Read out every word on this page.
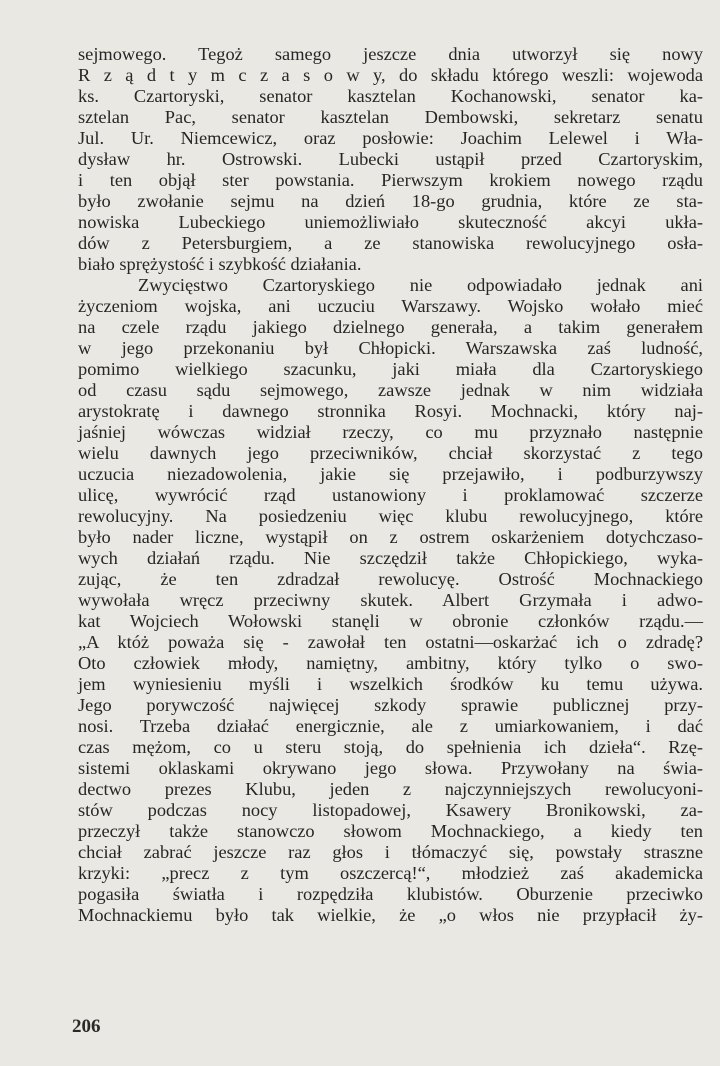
sejmowego. Tegoż samego jeszcze dnia utworzył się nowy
R z ą d t y m c z a s o w y, do składu którego weszli: wojewoda
ks. Czartoryski, senator kasztelan Kochanowski, senator ka-
sztelan Pac, senator kasztelan Dembowski, sekretarz senatu
Jul. Ur. Niemcewicz, oraz posłowie: Joachim Lelewel i Wła-
dysław hr. Ostrowski. Lubecki ustąpił przed Czartoryskim,
i ten objął ster powstania. Pierwszym krokiem nowego rządu
było zwołanie sejmu na dzień 18-go grudnia, które ze sta-
nowiska Lubeckiego uniemożliwiało skuteczność akcyi ukła-
dów z Petersburgiem, a ze stanowiska rewolucyjnego osła-
biało sprężystość i szybkość działania.
Zwycięstwo Czartoryskiego nie odpowiadało jednak ani
życzeniom wojska, ani uczuciu Warszawy. Wojsko wołało mieć
na czele rządu jakiego dzielnego generała, a takim generałem
w jego przekonaniu był Chłopicki. Warszawska zaś ludność,
pomimo wielkiego szacunku, jaki miała dla Czartoryskiego
od czasu sądu sejmowego, zawsze jednak w nim widziała
arystokratę i dawnego stronnika Rosyi. Mochnacki, który naj-
jaśniej wówczas widział rzeczy, co mu przyznało następnie
wielu dawnych jego przeciwników, chciał skorzystać z tego
uczucia niezadowolenia, jakie się przejawiło, i podburzywszy
ulicę, wywrócić rząd ustanowiony i proklamować szczerze
rewolucyjny. Na posiedzeniu więc klubu rewolucyjnego, które
było nader liczne, wystąpił on z ostrem oskarżeniem dotychczaso-
wych działań rządu. Nie szczędził także Chłopickiego, wyka-
zując, że ten zdradzał rewolucyę. Ostrość Mochnackiego
wywołała wręcz przeciwny skutek. Albert Grzymała i adwo-
kat Wojciech Wołowski stanęli w obronie członków rządu.—
„A któż poważa się - zawołał ten ostatni—oskarżać ich o zdradę?
Oto człowiek młody, namiętny, ambitny, który tylko o swo-
jem wyniesieniu myśli i wszelkich środków ku temu używa.
Jego porywczość najwięcej szkody sprawie publicznej przy-
nosi. Trzeba działać energicznie, ale z umiarkowaniem, i dać
czas mężom, co u steru stoją, do spełnienia ich dzieła“. Rzę-
sistemi oklaskami okrywano jego słowa. Przywołany na świa-
dectwo prezes Klubu, jeden z najczynniejszych rewolucyoni-
stów podczas nocy listopadowej, Ksawery Bronikowski, za-
przeczył także stanowczo słowom Mochnackiego, a kiedy ten
chciał zabrać jeszcze raz głos i tłómaczyć się, powstały straszne
krzyki: „precz z tym oszczercą!“, młodzież zaś akademicka
pogasiła światła i rozpędziła klubistów. Oburzenie przeciwko
Mochnackiemu było tak wielkie, że „o włos nie przypłacił ży-
206
